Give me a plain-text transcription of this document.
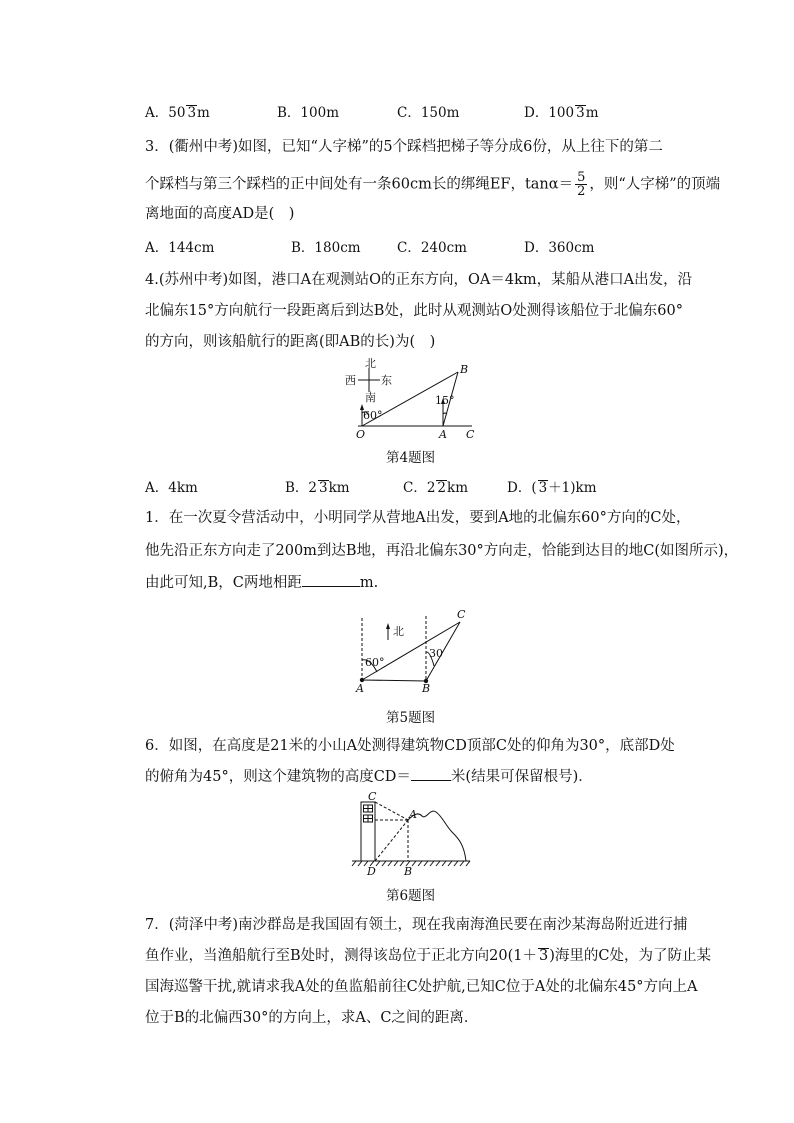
A．50 3m	B．100m	C．150m	D．100 3m
3．(衢州中考)如图，已知“人字梯”的5个踩档把梯子等分成6份，从上往下的第二
个踩档与第三个踩档的正中间处有一条60cm长的绑绳EF，$\tan\alpha= \frac{5}{2}$ ，则“人字梯”的顶端
离地面的高度AD是(　)
A．144cm	B．180cm	C．240cm	D．360cm
4.(苏州中考)如图，港口A在观测站O的正东方向，OA＝4km，某船从港口A出发，沿
北偏东15°方向航行一段距离后到达B处，此时从观测站O处测得该船位于北偏东60°
的方向，则该船航行的距离(即AB的长)为(　)
北
西 东
南
60°
15°
O	A
B
C
第4题图
A．4km	B．2 3km	C．2 2km	D．( 3＋1)km
1．在一次夏令营活动中，小明同学从营地A出发，要到A地的北偏东60°方向的C处，
他先沿正东方向走了200m到达B地，再沿北偏东30°方向走，恰能到达目的地C(如图所示)，
由此可知,B，C两地相距	m.
北
60°
30
A	B
C
第5题图
6．如图，在高度是21米的小山A处测得建筑物CD顶部C处的仰角为30°，底部D处
的俯角为45°，则这个建筑物的高度CD＝	米(结果可保留根号)．
C
A
D	B
第6题图
7．(菏泽中考)南沙群岛是我国固有领土，现在我南海渔民要在南沙某海岛附近进行捕
鱼作业，当渔船航行至B处时，测得该岛位于正北方向20(1＋ 3)海里的C处，为了防止某
国海巡警干扰,就请求我A处的鱼监船前往C处护航,已知C位于A处的北偏东45°方向上A
位于B的北偏西30°的方向上，求A、C之间的距离．
